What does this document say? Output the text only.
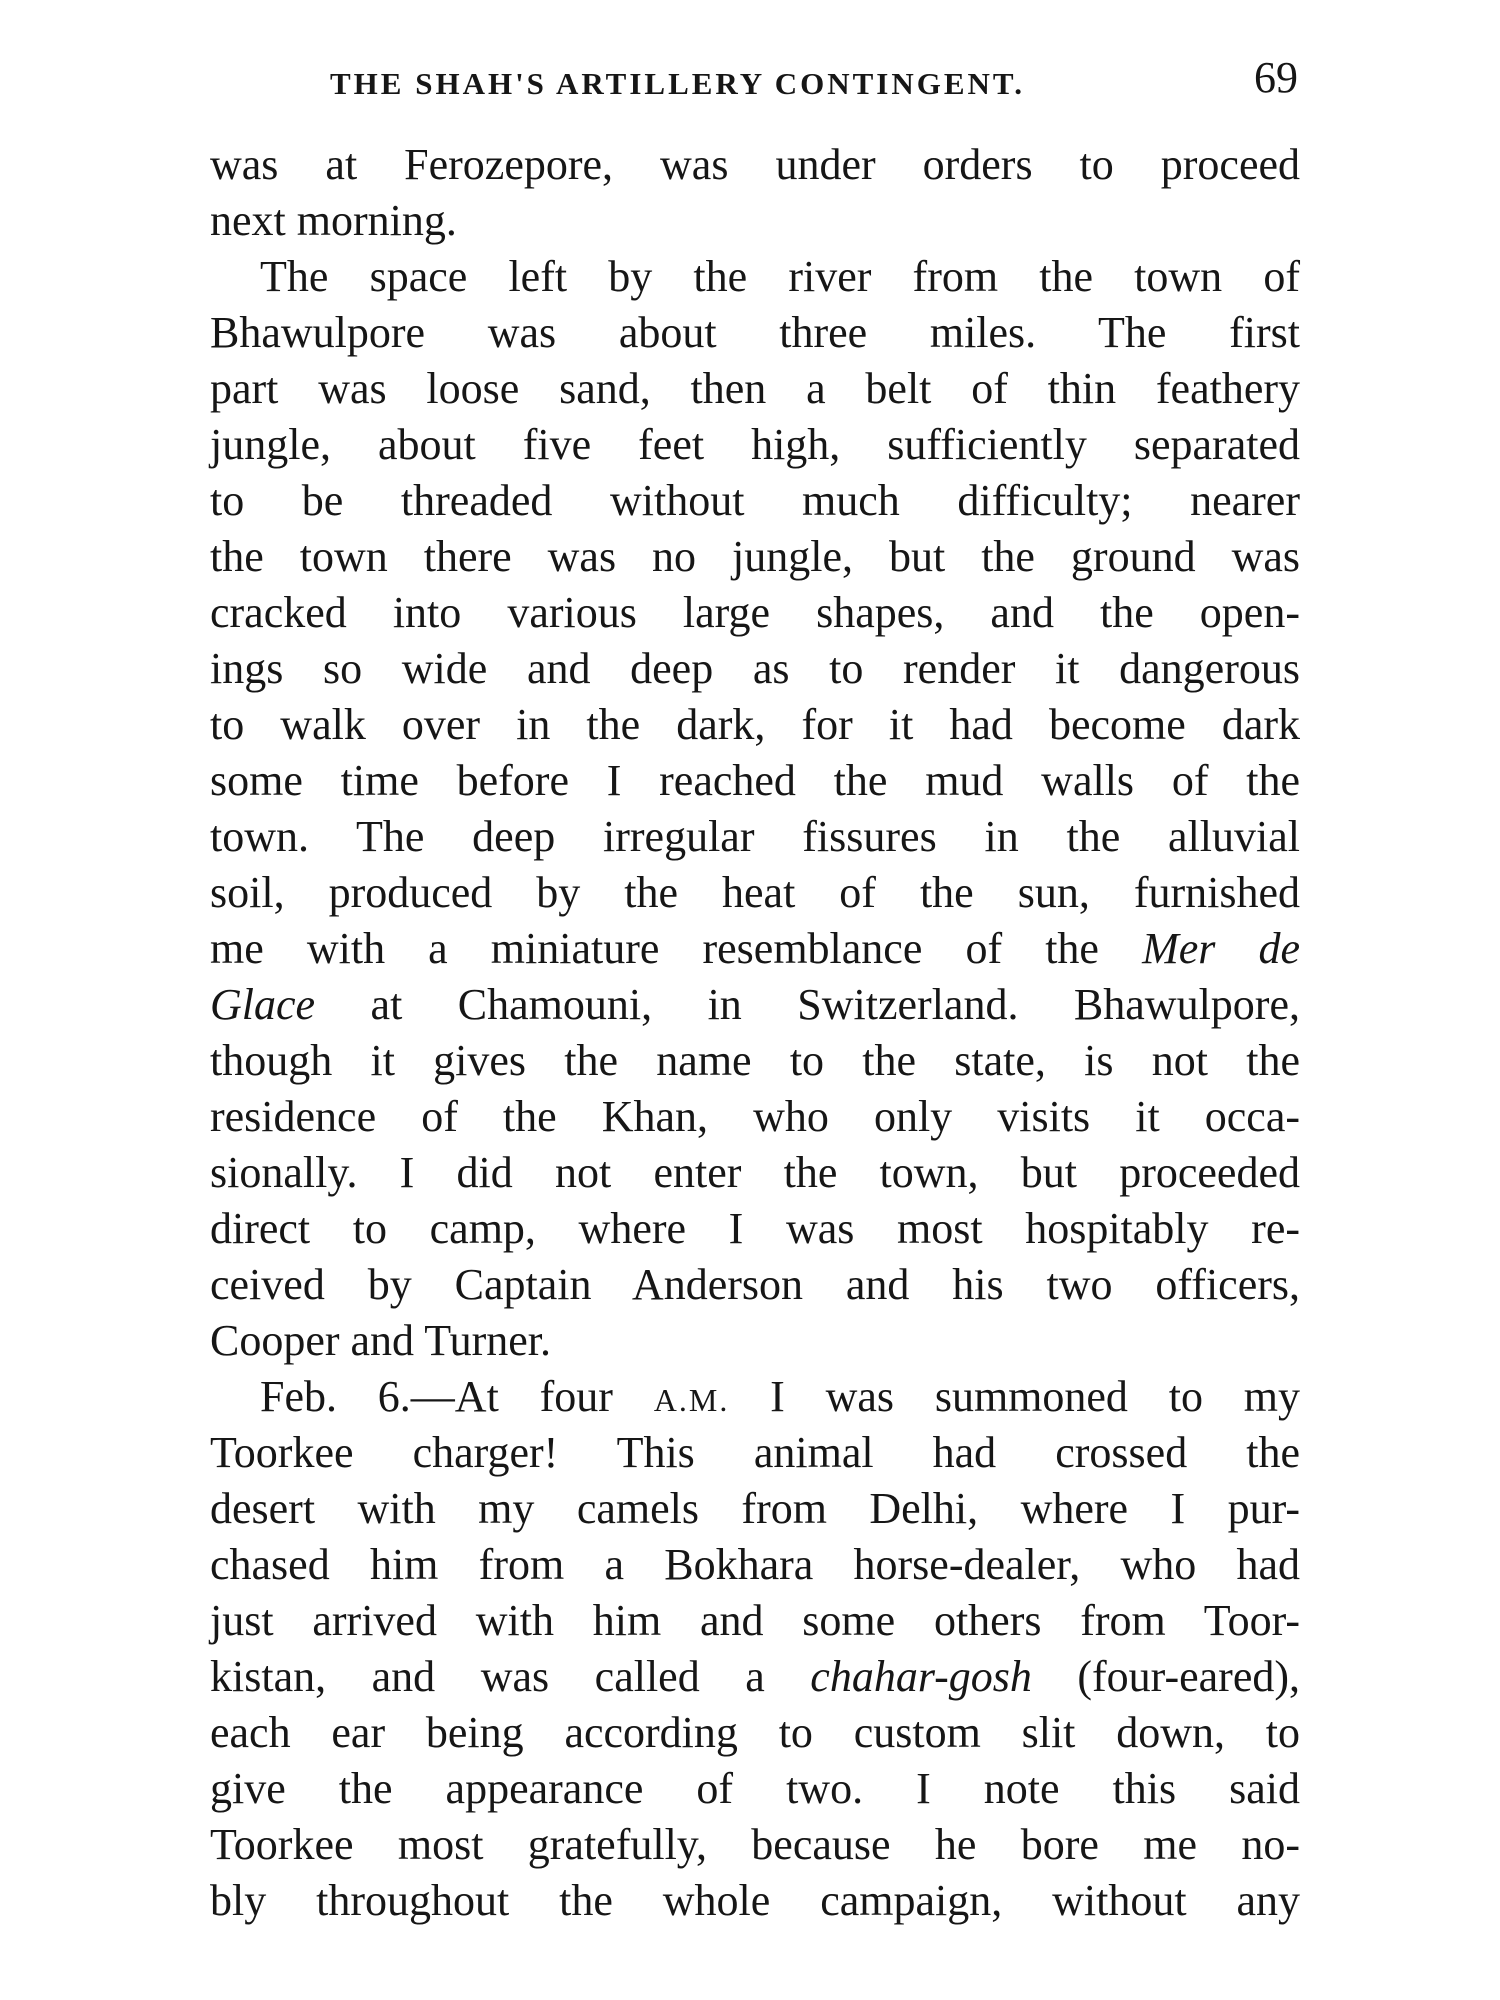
THE SHAH'S ARTILLERY CONTINGENT.	69
was at Ferozepore, was under orders to proceed
next morning.
The space left by the river from the town of
Bhawulpore was about three miles. The first
part was loose sand, then a belt of thin feathery
jungle, about five feet high, sufficiently separated
to be threaded without much difficulty; nearer
the town there was no jungle, but the ground was
cracked into various large shapes, and the open-
ings so wide and deep as to render it dangerous
to walk over in the dark, for it had become dark
some time before I reached the mud walls of the
town. The deep irregular fissures in the alluvial
soil, produced by the heat of the sun, furnished
me with a miniature resemblance of the Mer de
Glace at Chamouni, in Switzerland. Bhawulpore,
though it gives the name to the state, is not the
residence of the Khan, who only visits it occa-
sionally. I did not enter the town, but proceeded
direct to camp, where I was most hospitably re-
ceived by Captain Anderson and his two officers,
Cooper and Turner.
Feb. 6.—At four A.M. I was summoned to my
Toorkee charger! This animal had crossed the
desert with my camels from Delhi, where I pur-
chased him from a Bokhara horse-dealer, who had
just arrived with him and some others from Toor-
kistan, and was called a chahar-gosh (four-eared),
each ear being according to custom slit down, to
give the appearance of two. I note this said
Toorkee most gratefully, because he bore me no-
bly throughout the whole campaign, without any
